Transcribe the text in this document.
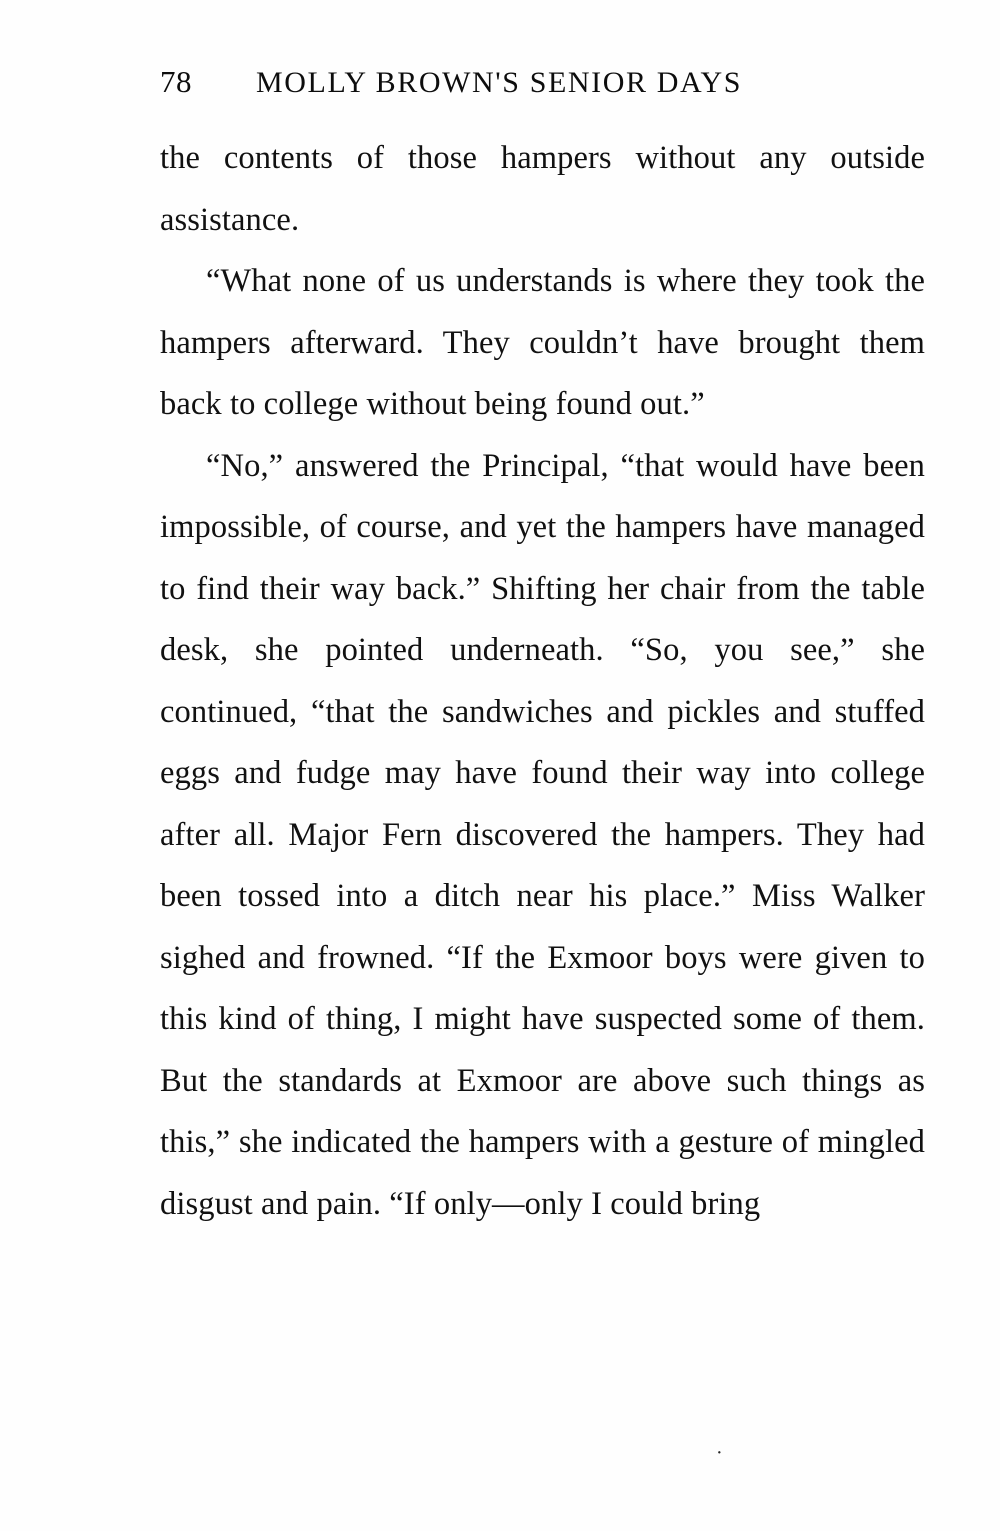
78 MOLLY BROWN'S SENIOR DAYS

the contents of those hampers without any outside assistance.

“What none of us understands is where they took the hampers afterward. They couldn’t have brought them back to college without being found out.”

“No,” answered the Principal, “that would have been impossible, of course, and yet the hampers have managed to find their way back.” Shifting her chair from the table desk, she pointed underneath. “So, you see,” she continued, “that the sandwiches and pickles and stuffed eggs and fudge may have found their way into college after all. Major Fern discovered the hampers. They had been tossed into a ditch near his place.” Miss Walker sighed and frowned. “If the Exmoor boys were given to this kind of thing, I might have suspected some of them. But the standards at Exmoor are above such things as this,” she indicated the hampers with a gesture of mingled disgust and pain. “If only—only I could bring

·
